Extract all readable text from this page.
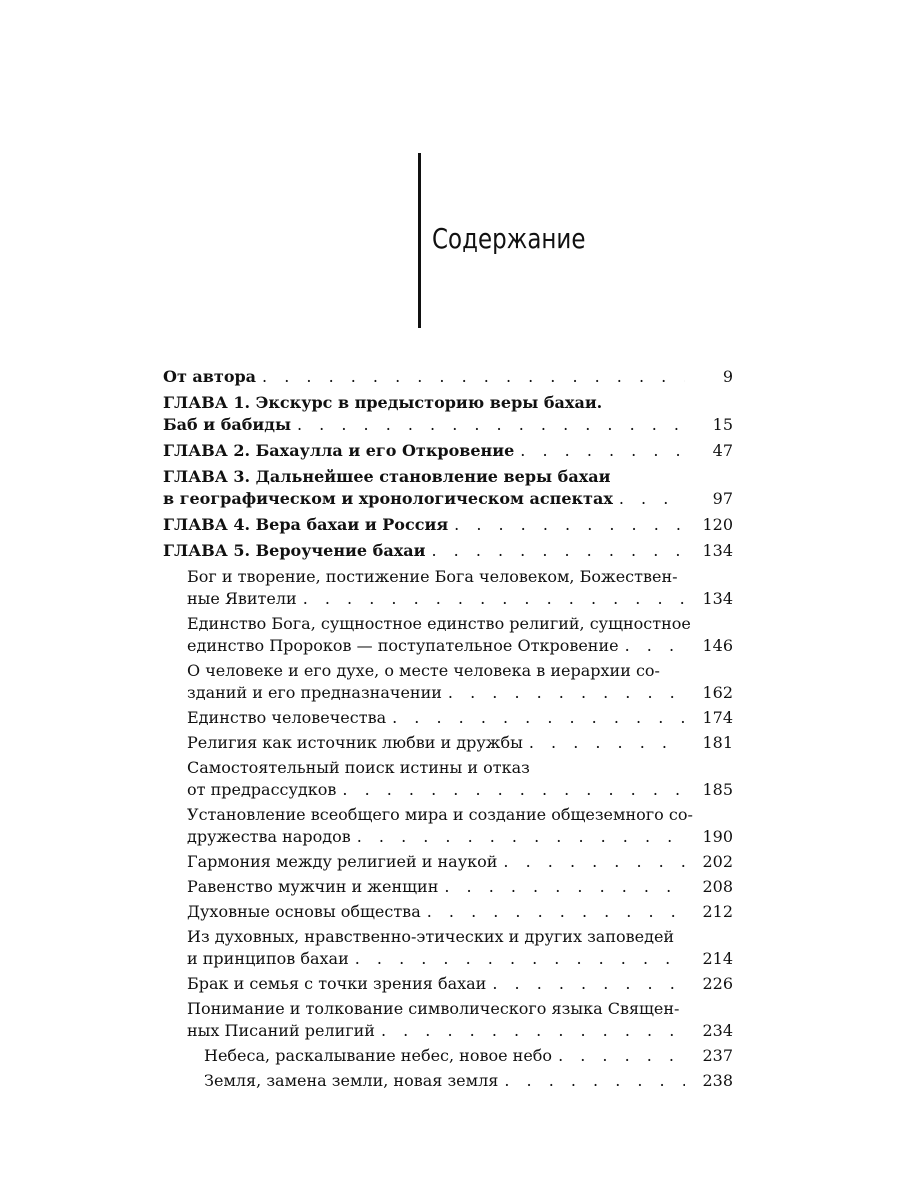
Содержание
От автора . . .	9
ГЛАВА 1. Экскурс в предысторию веры бахаи.
Баб и бабиды . . .	15
ГЛАВА 2. Бахаулла и его Откровение . . .	47
ГЛАВА 3. Дальнейшее становление веры бахаи
в географическом и хронологическом аспектах . . .	97
ГЛАВА 4. Вера бахаи и Россия . . .	120
ГЛАВА 5. Вероучение бахаи . . .	134
Бог и творение, постижение Бога человеком, Божествен-
ные Явители . . .	134
Единство Бога, сущностное единство религий, сущностное
единство Пророков — поступательное Откровение . . .	146
О человеке и его духе, о месте человека в иерархии со-
зданий и его предназначении . . .	162
Единство человечества . . .	174
Религия как источник любви и дружбы . . .	181
Самостоятельный поиск истины и отказ
от предрассудков . . .	185
Установление всеобщего мира и создание общеземного со-
дружества народов . . .	190
Гармония между религией и наукой . . .	202
Равенство мужчин и женщин . . .	208
Духовные основы общества . . .	212
Из духовных, нравственно-этических и других заповедей
и принципов бахаи . . .	214
Брак и семья с точки зрения бахаи . . .	226
Понимание и толкование символического языка Священ-
ных Писаний религий . . .	234
Небеса, раскалывание небес, новое небо . . .	237
Земля, замена земли, новая земля . . .	238
